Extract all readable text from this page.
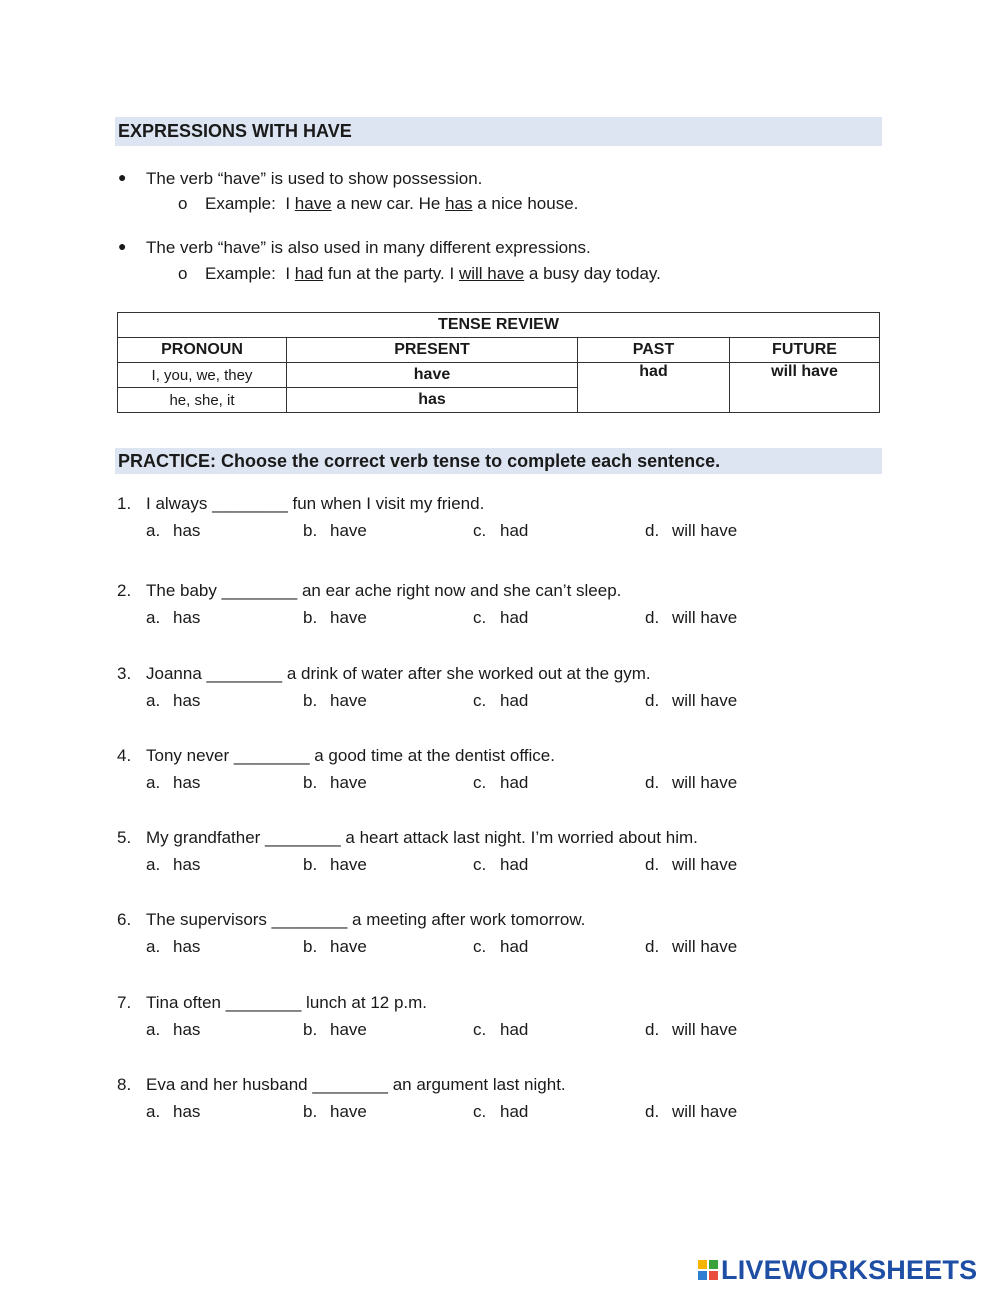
EXPRESSIONS WITH HAVE
● The verb “have” is used to show possession.
o Example: I have a new car. He has a nice house.
● The verb “have” is also used in many different expressions.
o Example: I had fun at the party. I will have a busy day today.
TENSE REVIEW			
PRONOUN	PRESENT	PAST	FUTURE
I, you, we, they	have	had	will have
he, she, it	has		
PRACTICE: Choose the correct verb tense to complete each sentence.
1. I always ________ fun when I visit my friend.
a. has	b. have	c. had	d. will have
2. The baby ________ an ear ache right now and she can’t sleep.
a. has	b. have	c. had	d. will have
3. Joanna ________ a drink of water after she worked out at the gym.
a. has	b. have	c. had	d. will have
4. Tony never ________ a good time at the dentist office.
a. has	b. have	c. had	d. will have
5. My grandfather ________ a heart attack last night. I’m worried about him.
a. has	b. have	c. had	d. will have
6. The supervisors ________ a meeting after work tomorrow.
a. has	b. have	c. had	d. will have
7. Tina often ________ lunch at 12 p.m.
a. has	b. have	c. had	d. will have
8. Eva and her husband ________ an argument last night.
a. has	b. have	c. had	d. will have
LIVEWORKSHEETS
